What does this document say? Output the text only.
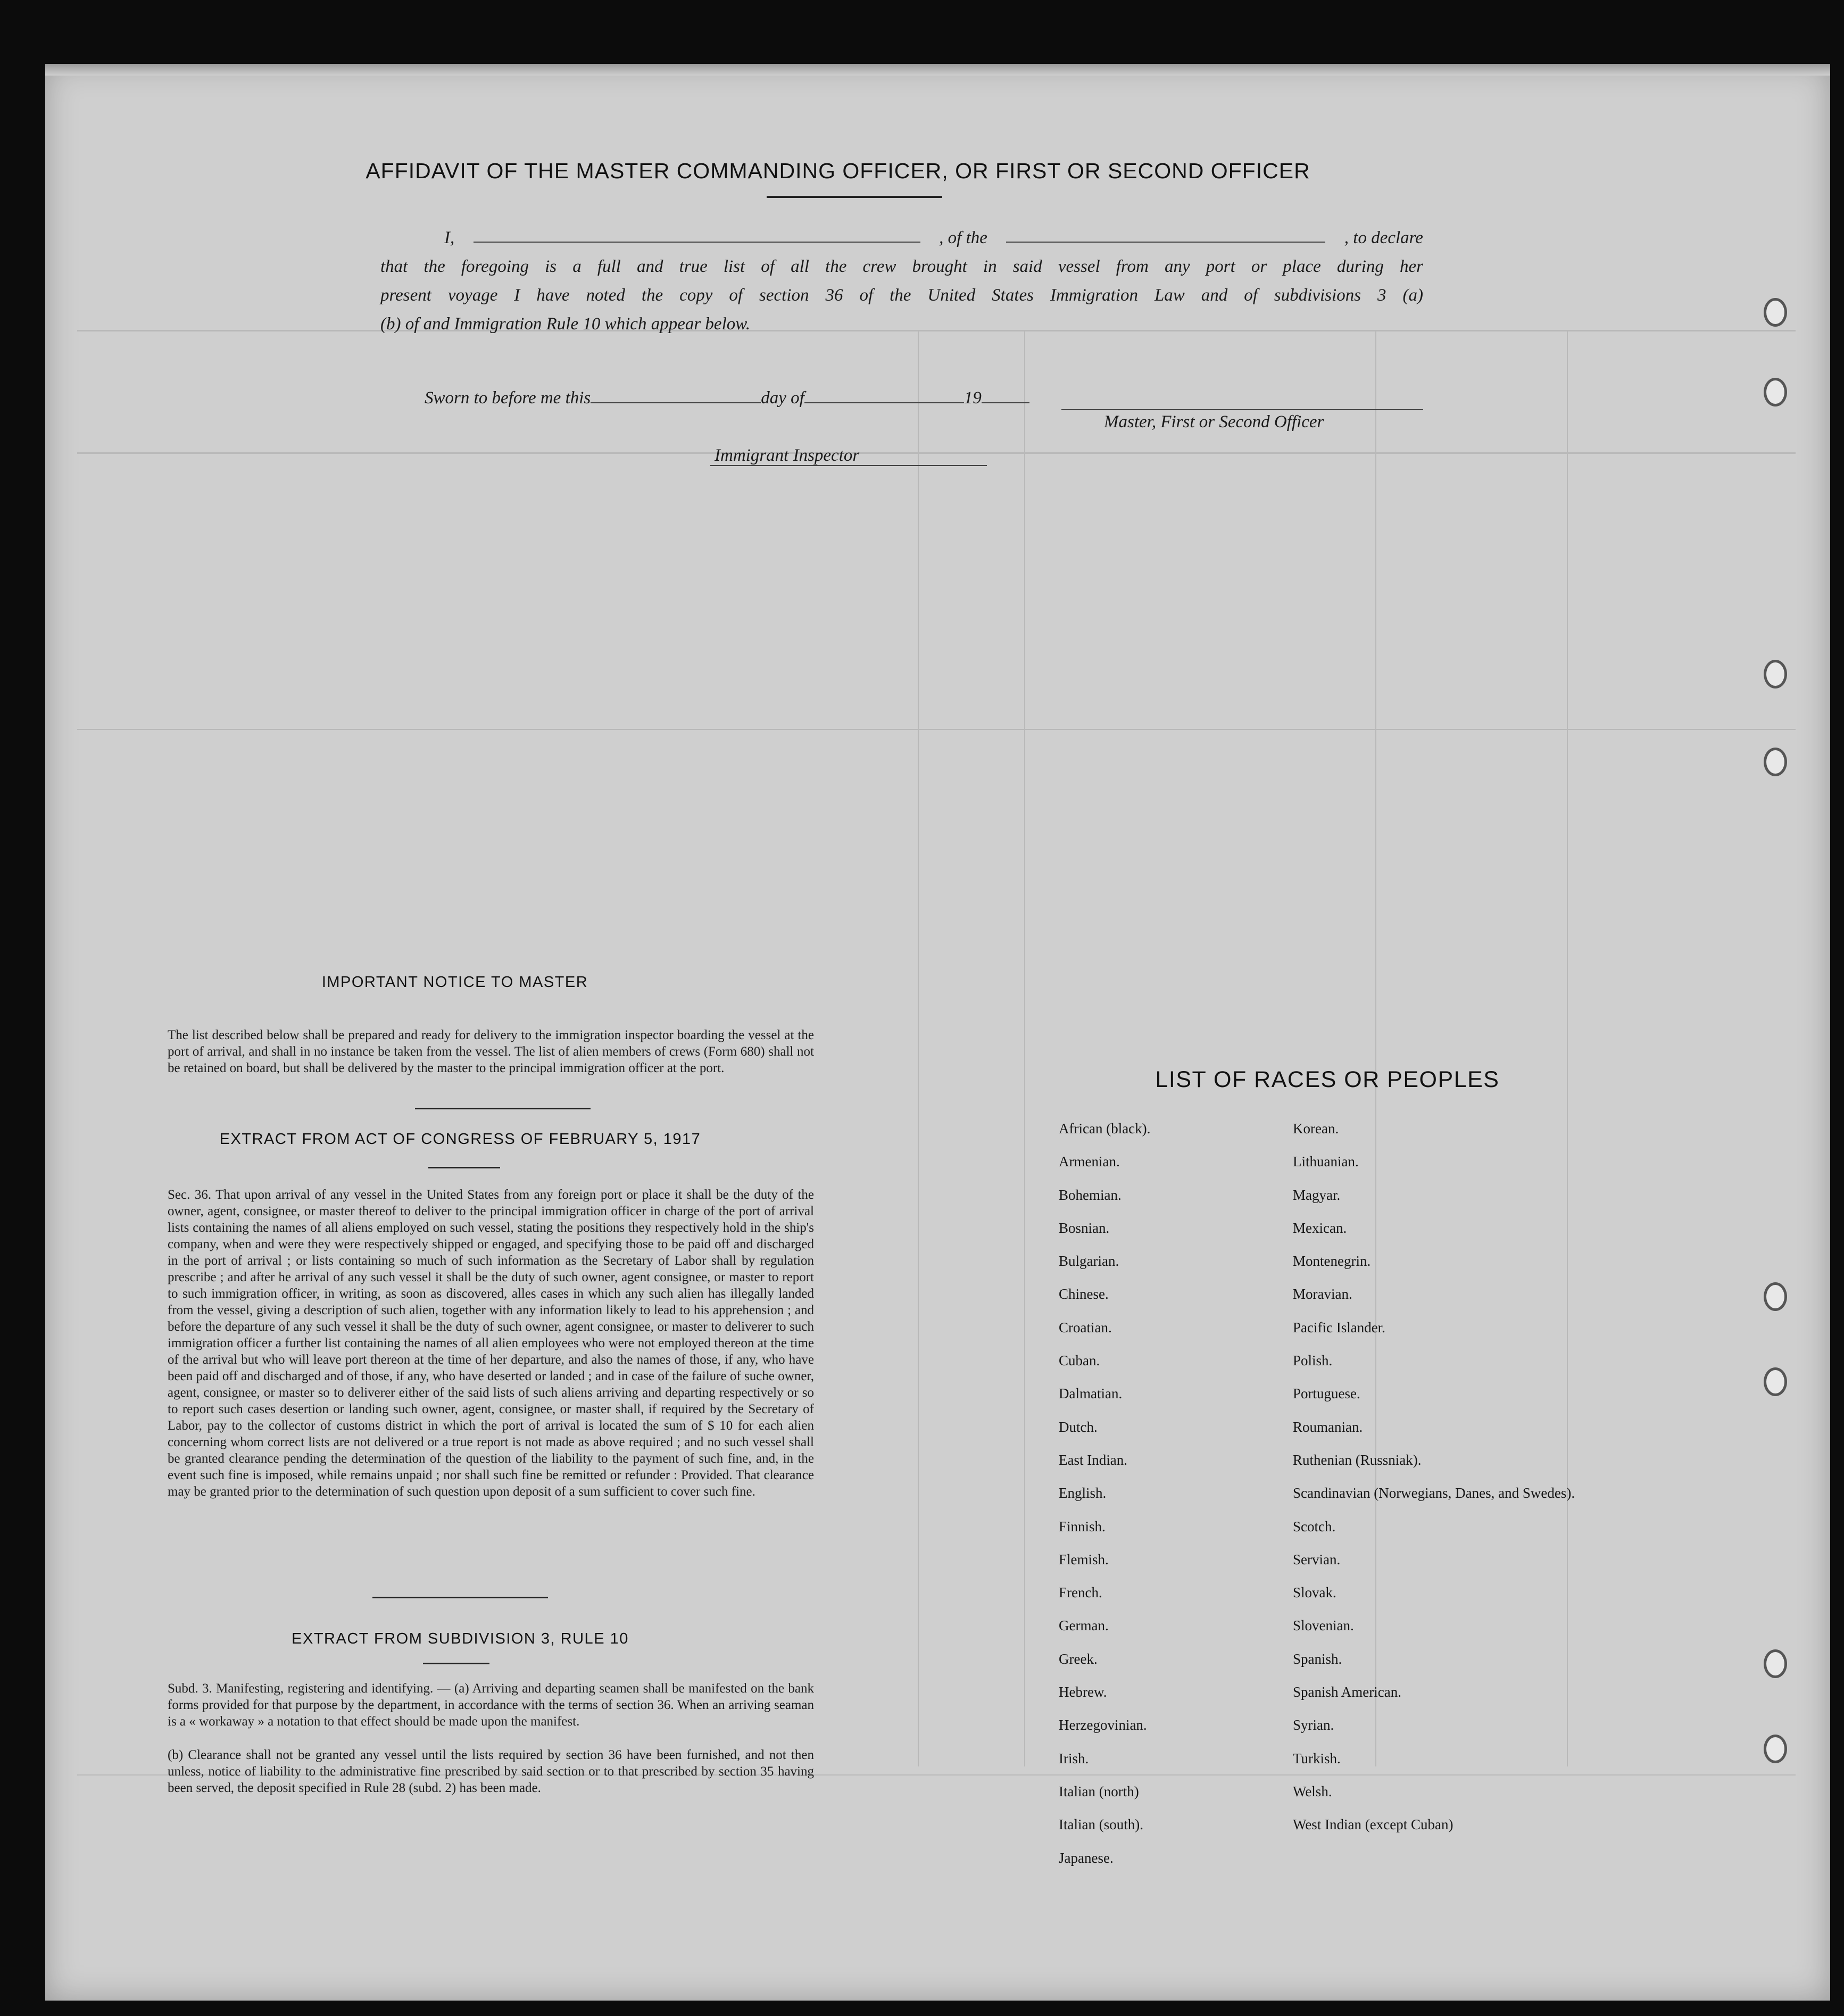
AFFIDAVIT OF THE MASTER COMMANDING OFFICER, OR FIRST OR SECOND OFFICER
I,	, of the	, to declare
that the foregoing is a full and true list of all the crew brought in said vessel from any port or place during her
present voyage I have noted the copy of section 36 of the United States Immigration Law and of subdivisions 3 (a)
(b) of and Immigration Rule 10 which appear below.
Master, First or Second Officer
Sworn to before me this	day of	19
Immigrant Inspector
IMPORTANT NOTICE TO MASTER
The list described below shall be prepared and ready for delivery to the immigration inspector boarding the vessel at the port of arrival, and shall in no instance be taken from the vessel. The list of alien members of crews (Form 680) shall not be retained on board, but shall be delivered by the master to the principal immigration officer at the port.
EXTRACT FROM ACT OF CONGRESS OF FEBRUARY 5, 1917
Sec. 36. That upon arrival of any vessel in the United States from any foreign port or place it shall be the duty of the owner, agent, consignee, or master thereof to deliver to the principal immigration officer in charge of the port of arrival lists containing the names of all aliens employed on such vessel, stating the positions they respectively hold in the ship's company, when and were they were respectively shipped or engaged, and specifying those to be paid off and discharged in the port of arrival ; or lists containing so much of such information as the Secretary of Labor shall by regulation prescribe ; and after he arrival of any such vessel it shall be the duty of such owner, agent consignee, or master to report to such immigration officer, in writing, as soon as discovered, alles cases in which any such alien has illegally landed from the vessel, giving a description of such alien, together with any information likely to lead to his apprehension ; and before the departure of any such vessel it shall be the duty of such owner, agent consignee, or master to deliverer to such immigration officer a further list containing the names of all alien employees who were not employed thereon at the time of the arrival but who will leave port thereon at the time of her departure, and also the names of those, if any, who have been paid off and discharged and of those, if any, who have deserted or landed ; and in case of the failure of suche owner, agent, consignee, or master so to deliverer either of the said lists of such aliens arriving and departing respectively or so to report such cases desertion or landing such owner, agent, consignee, or master shall, if required by the Secretary of Labor, pay to the collector of customs district in which the port of arrival is located the sum of $ 10 for each alien concerning whom correct lists are not delivered or a true report is not made as above required ; and no such vessel shall be granted clearance pending the determination of the question of the liability to the payment of such fine, and, in the event such fine is imposed, while remains unpaid ; nor shall such fine be remitted or refunder : Provided. That clearance may be granted prior to the determination of such question upon deposit of a sum sufficient to cover such fine.
EXTRACT FROM SUBDIVISION 3, RULE 10
Subd. 3. Manifesting, registering and identifying. — (a) Arriving and departing seamen shall be manifested on the bank forms provided for that purpose by the department, in accordance with the terms of section 36. When an arriving seaman is a « workaway » a notation to that effect should be made upon the manifest.
(b) Clearance shall not be granted any vessel until the lists required by section 36 have been furnished, and not then unless, notice of liability to the administrative fine prescribed by said section or to that prescribed by section 35 having been served, the deposit specified in Rule 28 (subd. 2) has been made.
LIST OF RACES OR PEOPLES
African (black).
Armenian.
Bohemian.
Bosnian.
Bulgarian.
Chinese.
Croatian.
Cuban.
Dalmatian.
Dutch.
East Indian.
English.
Finnish.
Flemish.
French.
German.
Greek.
Hebrew.
Herzegovinian.
Irish.
Italian (north)
Italian (south).
Japanese.
Korean.
Lithuanian.
Magyar.
Mexican.
Montenegrin.
Moravian.
Pacific Islander.
Polish.
Portuguese.
Roumanian.
Ruthenian (Russniak).
Scandinavian (Norwegians, Danes, and Swedes).
Scotch.
Servian.
Slovak.
Slovenian.
Spanish.
Spanish American.
Syrian.
Turkish.
Welsh.
West Indian (except Cuban)
